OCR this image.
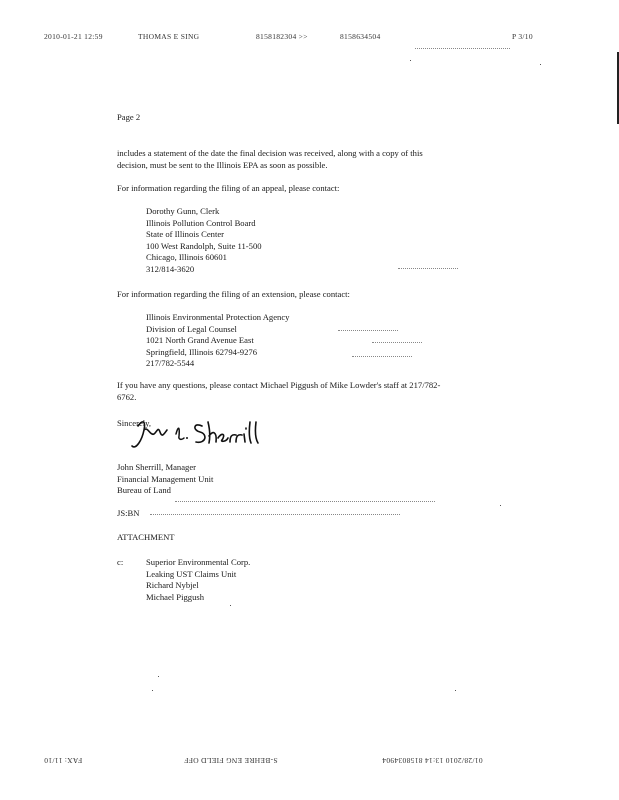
2010-01-21 12:59	THOMAS E SING	8158182304 >>	8158634504	P 3/10
Page 2
includes a statement of the date the final decision was received, along with a copy of this
decision, must be sent to the Illinois EPA as soon as possible.
For information regarding the filing of an appeal, please contact:
Dorothy Gunn, Clerk
Illinois Pollution Control Board
State of Illinois Center
100 West Randolph, Suite 11-500
Chicago, Illinois 60601
312/814-3620
For information regarding the filing of an extension, please contact:
Illinois Environmental Protection Agency
Division of Legal Counsel
1021 North Grand Avenue East
Springfield, Illinois 62794-9276
217/782-5544
If you have any questions, please contact Michael Piggush of Mike Lowder's staff at 217/782-
6762.
Sincerely,
John Sherrill, Manager
Financial Management Unit
Bureau of Land
JS:BN
ATTACHMENT
c:	Superior Environmental Corp.
Leaking UST Claims Unit
Richard Nybjel
Michael Piggush
FAX: 11/10	S-BEHRE ENG FIELD OFF	01/28/2010 13:14 8158034904
